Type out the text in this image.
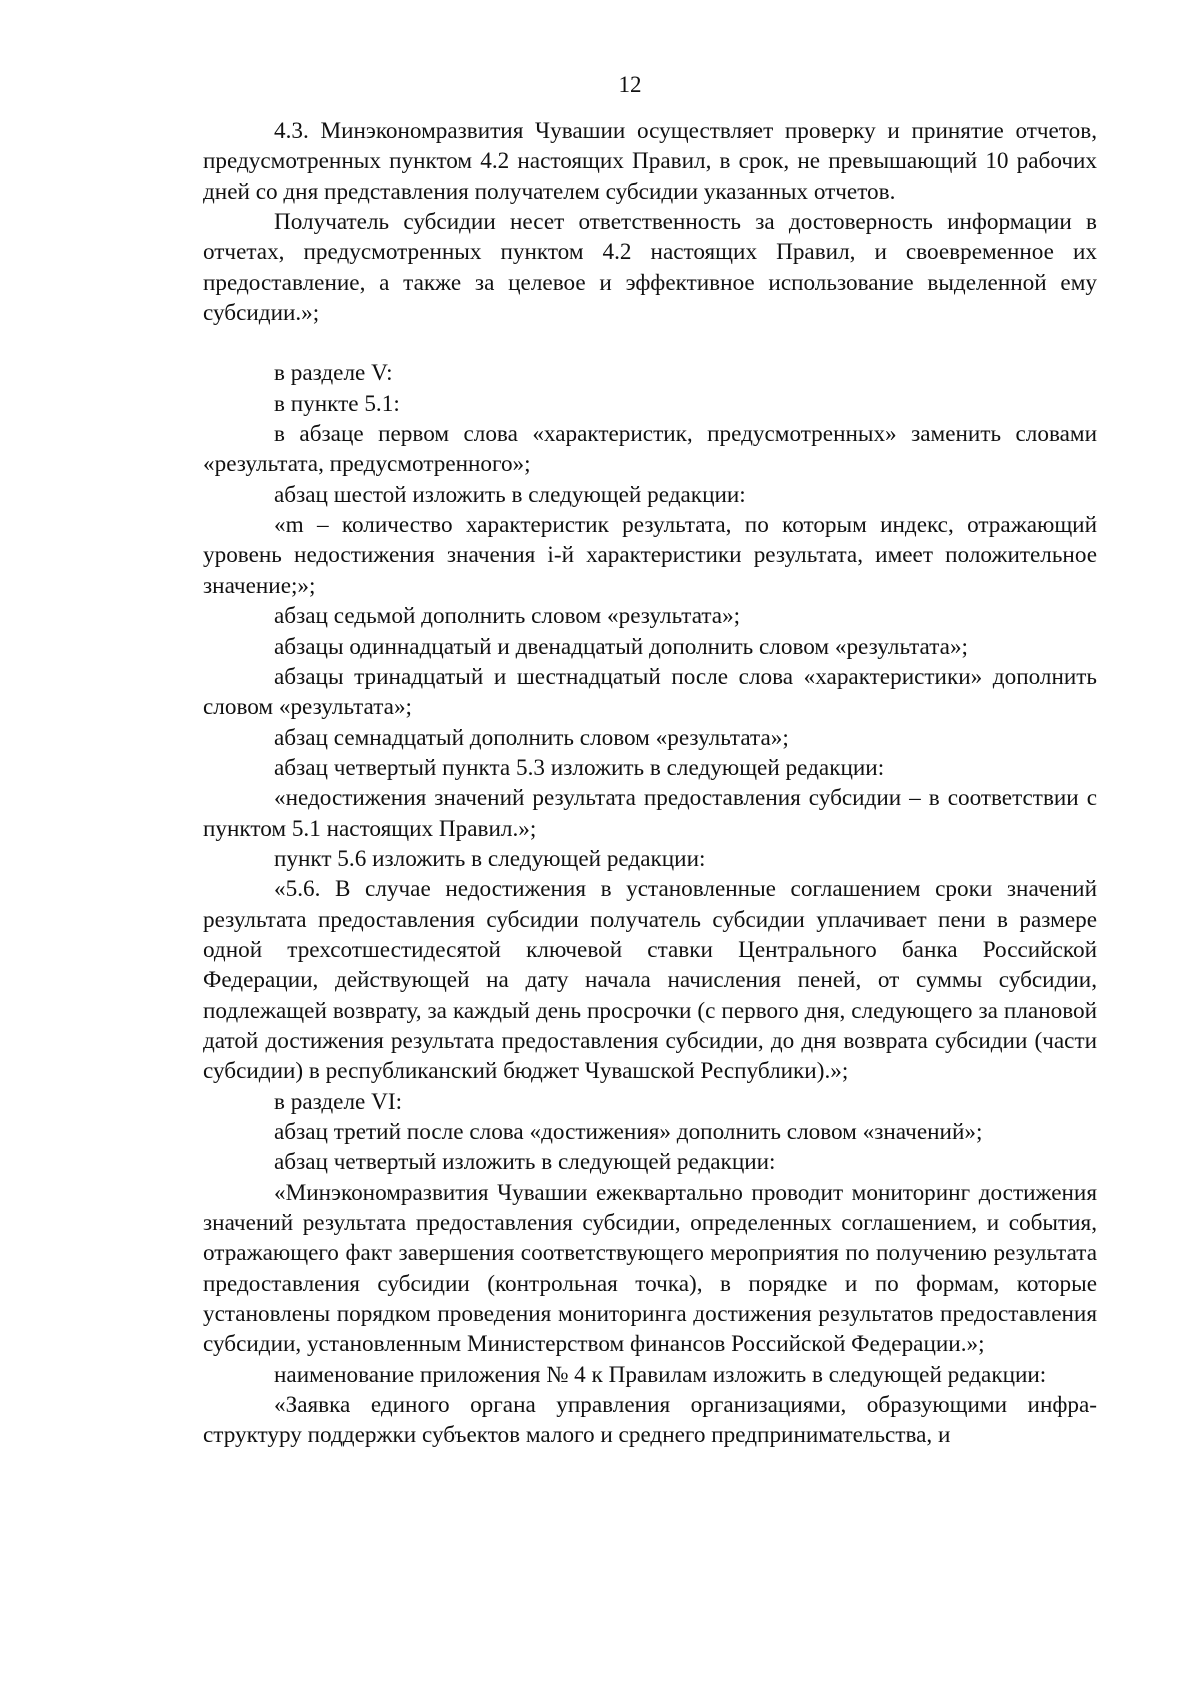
12

4.3. Минэкономразвития Чувашии осуществляет проверку и принятие отчетов, предусмотренных пунктом 4.2 настоящих Правил, в срок, не превышающий 10 рабочих дней со дня представления получателем субсидии указанных отчетов.

Получатель субсидии несет ответственность за достоверность информации в отчетах, предусмотренных пунктом 4.2 настоящих Правил, и своевременное их предоставление, а также за целевое и эффективное использование выделенной ему субсидии.»;

в разделе V:

в пункте 5.1:

в абзаце первом слова «характеристик, предусмотренных» заменить словами «результата, предусмотренного»;

абзац шестой изложить в следующей редакции:

«m – количество характеристик результата, по которым индекс, отражающий уровень недостижения значения i-й характеристики результата, имеет положительное значение;»;

абзац седьмой дополнить словом «результата»;

абзацы одиннадцатый и двенадцатый дополнить словом «результата»;

абзацы тринадцатый и шестнадцатый после слова «характеристики» дополнить словом «результата»;

абзац семнадцатый дополнить словом «результата»;

абзац четвертый пункта 5.3 изложить в следующей редакции:

«недостижения значений результата предоставления субсидии – в соответствии с пунктом 5.1 настоящих Правил.»;

пункт 5.6 изложить в следующей редакции:

«5.6. В случае недостижения в установленные соглашением сроки значений результата предоставления субсидии получатель субсидии уплачивает пени в размере одной трехсотшестидесятой ключевой ставки Центрального банка Российской Федерации, действующей на дату начала начисления пеней, от суммы субсидии, подлежащей возврату, за каждый день просрочки (с первого дня, следующего за плановой датой достижения результата предоставления субсидии, до дня возврата субсидии (части субсидии) в республиканский бюджет Чувашской Республики).»;

в разделе VI:

абзац третий после слова «достижения» дополнить словом «значений»;

абзац четвертый изложить в следующей редакции:

«Минэкономразвития Чувашии ежеквартально проводит мониторинг достижения значений результата предоставления субсидии, определенных соглашением, и события, отражающего факт завершения соответствующего мероприятия по получению результата предоставления субсидии (контрольная точка), в порядке и по формам, которые установлены порядком проведения мониторинга достижения результатов предоставления субсидии, установленным Министерством финансов Российской Федерации.»;

наименование приложения № 4 к Правилам изложить в следующей редакции:

«Заявка единого органа управления организациями, образующими инфраструктуру поддержки субъектов малого и среднего предпринимательства, и
